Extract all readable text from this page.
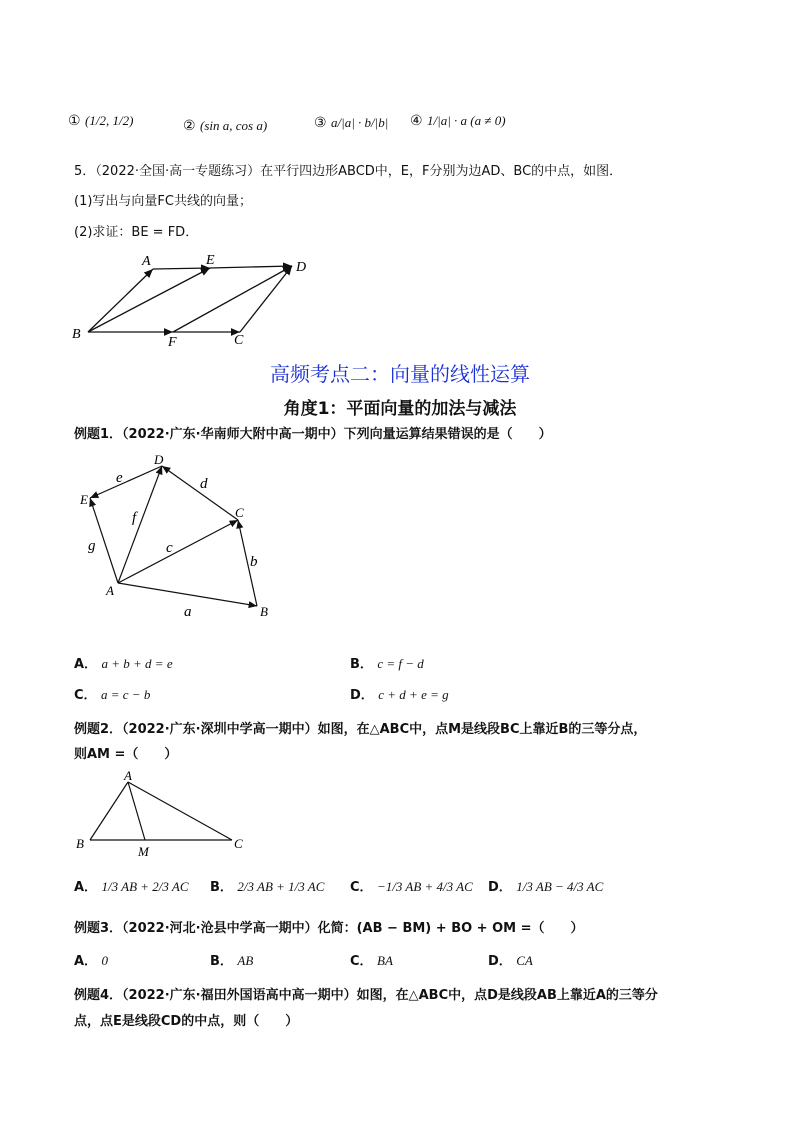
① (1/2, 1/2)	② (sin a, cos a)	③ a/|a| · b/|b| ④ 1/|a| · a (a ≠ 0)
5．（2022·全国·高一专题练习）在平行四边形ABCD中，E，F分别为边AD、BC的中点，如图．
(1)写出与向量FC共线的向量；
(2)求证：BE = FD．
A	E	D
B
F	C
高频考点二：向量的线性运算
角度1：平面向量的加法与减法
例题1．（2022·广东·华南师大附中高一期中）下列向量运算结果错误的是（　　）
D
E
C
A
B
e	d
f
c
g
b
a
A． a + b + d = e	B． c = f − d
C． a = c − b	D． c + d + e = g
例题2．（2022·广东·深圳中学高一期中）如图，在△ABC中，点M是线段BC上靠近B的三等分点，
则AM =（　　）
A
B
M
C
A． 1/3 AB + 2/3 AC B． 2/3 AB + 1/3 AC C． −1/3 AB + 4/3 AC D． 1/3 AB − 4/3 AC
例题3．（2022·河北·沧县中学高一期中）化简：(AB − BM) + BO + OM =（　　）
A． 0	B． AB	C． BA	D． CA
例题4．（2022·广东·福田外国语高中高一期中）如图，在△ABC中，点D是线段AB上靠近A的三等分
点，点E是线段CD的中点，则（　　）
